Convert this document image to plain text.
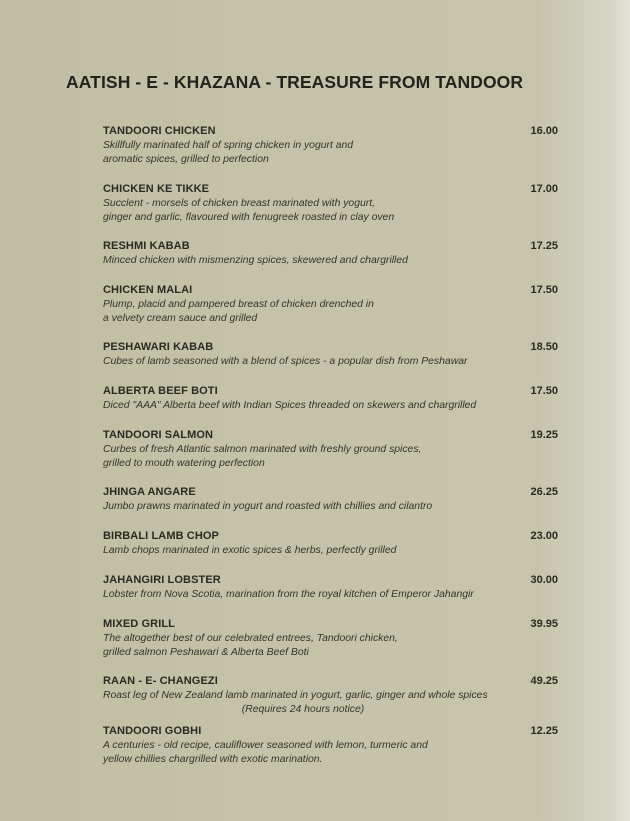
AATISH - E - KHAZANA - TREASURE FROM TANDOOR
TANDOORI CHICKEN	16.00
Skillfully marinated half of spring chicken in yogurt and
aromatic spices, grilled to perfection
CHICKEN KE TIKKE	17.00
Succlent - morsels of chicken breast marinated with yogurt,
ginger and garlic, flavoured with fenugreek roasted in clay oven
RESHMI KABAB	17.25
Minced chicken with mismenzing spices, skewered and chargrilled
CHICKEN MALAI	17.50
Plump, placid and pampered breast of chicken drenched in
a velvety cream sauce and grilled
PESHAWARI KABAB	18.50
Cubes of lamb seasoned with a blend of spices - a popular dish from Peshawar
ALBERTA BEEF BOTI	17.50
Diced "AAA" Alberta beef with Indian Spices threaded on skewers and chargrilled
TANDOORI SALMON	19.25
Curbes of fresh Atlantic salmon marinated with freshly ground spices,
grilled to mouth watering perfection
JHINGA ANGARE	26.25
Jumbo prawns marinated in yogurt and roasted with chillies and cilantro
BIRBALI LAMB CHOP	23.00
Lamb chops marinated in exotic spices & herbs, perfectly grilled
JAHANGIRI LOBSTER	30.00
Lobster from Nova Scotia, marination from the royal kitchen of Emperor Jahangir
MIXED GRILL	39.95
The altogether best of our celebrated entrees, Tandoori chicken,
grilled salmon Peshawari & Alberta Beef Boti
RAAN - E- CHANGEZI	49.25
Roast leg of New Zealand lamb marinated in yogurt, garlic, ginger and whole spices
(Requires 24 hours notice)
TANDOORI GOBHI	12.25
A centuries - old recipe, cauliflower seasoned with lemon, turmeric and
yellow chillies chargrilled with exotic marination.
